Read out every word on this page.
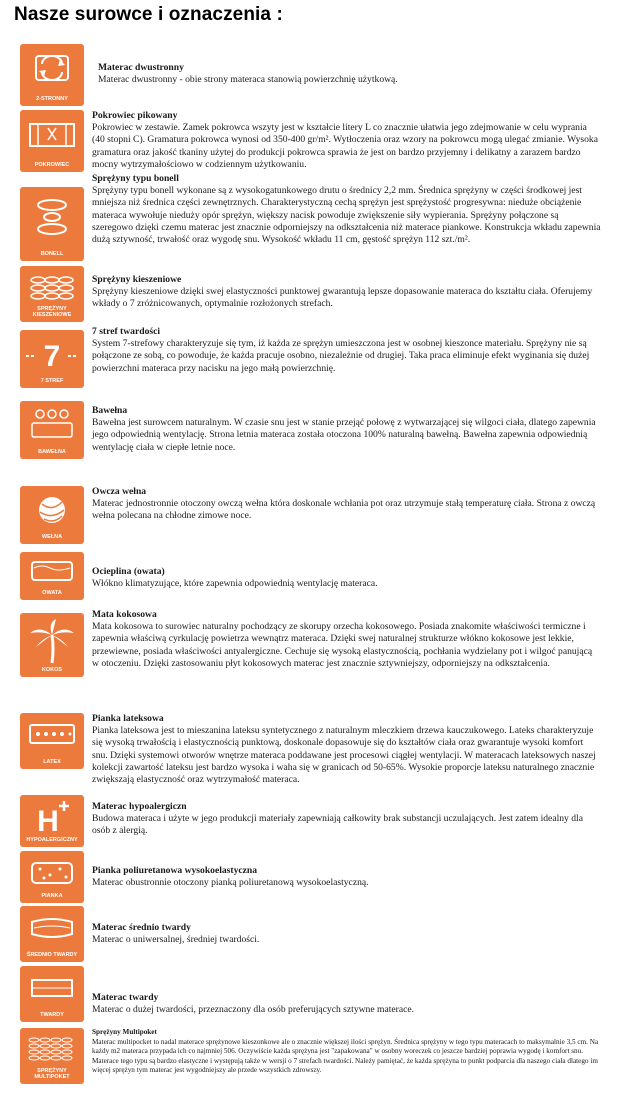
Nasze surowce i oznaczenia :
2-STRONNY
Materac dwustronny
Materac dwustronny - obie strony materaca stanowią powierzchnię użytkową.
POKROWIEC
Pokrowiec pikowany
Pokrowiec w zestawie. Zamek pokrowca wszyty jest w kształcie litery L co znacznie ułatwia jego zdejmowanie w celu wyprania (40 stopni C). Gramatura pokrowca wynosi od 350-400 gr/m². Wytłoczenia oraz wzory na pokrowcu mogą ulegać zmianie. Wysoka gramatura oraz jakość tkaniny użytej do produkcji pokrowca sprawia że jest on bardzo przyjemny i delikatny a zarazem bardzo mocny wytrzymałościowo w codziennym użytkowaniu.
BONELL
Sprężyny typu bonell
Sprężyny typu bonell wykonane są z wysokogatunkowego drutu o średnicy 2,2 mm. Średnica sprężyny w części środkowej jest mniejsza niż średnica części zewnętrznych. Charakterystyczną cechą sprężyn jest sprężystość progresywna: nieduże obciążenie materaca wywołuje nieduży opór sprężyn, większy nacisk powoduje zwiększenie siły wypierania. Sprężyny połączone są szeregowo dzięki czemu materac jest znacznie odporniejszy na odkształcenia niż materace piankowe. Konstrukcja wkładu zapewnia dużą sztywność, trwałość oraz wygodę snu. Wysokość wkładu 11 cm, gęstość sprężyn 112 szt./m².
SPRĘŻYNY KIESZENIOWE
Sprężyny kieszeniowe
Sprężyny kieszeniowe dzięki swej elastyczności punktowej gwarantują lepsze dopasowanie materaca do kształtu ciała. Oferujemy wkłady o 7 zróżnicowanych, optymalnie rozłożonych strefach.
7
7 STREF
7 stref twardości
System 7-strefowy charakteryzuje się tym, iż każda ze sprężyn umieszczona jest w osobnej kieszonce materiału. Sprężyny nie są połączone ze sobą, co powoduje, że każda pracuje osobno, niezależnie od drugiej. Taka praca eliminuje efekt wyginania się dużej powierzchni materaca przy nacisku na jego małą powierzchnię.
BAWEŁNA
Bawełna
Bawełna jest surowcem naturalnym. W czasie snu jest w stanie przejąć połowę z wytwarzającej się wilgoci ciała, dlatego zapewnia jego odpowiednią wentylację. Strona letnia materaca została otoczona 100% naturalną bawełną. Bawełna zapewnia odpowiednią wentylację ciała w ciepłe letnie noce.
WEŁNA
Owcza wełna
Materac jednostronnie otoczony owczą wełna która doskonale wchłania pot oraz utrzymuje stałą temperaturę ciała. Strona z owczą wełna polecana na chłodne zimowe noce.
OWATA
Ocieplina (owata)
Włókno klimatyzujące, które zapewnia odpowiednią wentylację materaca.
KOKOS
Mata kokosowa
Mata kokosowa to surowiec naturalny pochodzący ze skorupy orzecha kokosowego. Posiada znakomite właściwości termiczne i zapewnia właściwą cyrkulację powietrza wewnątrz materaca. Dzięki swej naturalnej strukturze włókno kokosowe jest lekkie, przewiewne, posiada właściwości antyalergiczne. Cechuje się wysoką elastycznością, pochłania wydzielany pot i wilgoć panującą w otoczeniu. Dzięki zastosowaniu płyt kokosowych materac jest znacznie sztywniejszy, odporniejszy na odkształcenia.
LATEX
Pianka lateksowa
Pianka lateksowa jest to mieszanina lateksu syntetycznego z naturalnym mleczkiem drzewa kauczukowego. Lateks charakteryzuje się wysoką trwałością i elastycznością punktową, doskonale dopasowuje się do kształtów ciała oraz gwarantuje wysoki komfort snu. Dzięki systemowi otworów wnętrze materaca poddawane jest procesowi ciągłej wentylacji. W materacach lateksowych naszej kolekcji zawartość lateksu jest bardzo wysoka i waha się w granicach od 50-65%. Wysokie proporcje lateksu naturalnego znacznie zwiększają elastyczność oraz wytrzymałość materaca.
H
HYPOALERGICZNY
Materac hypoalergiczn
Budowa materaca i użyte w jego produkcji materiały zapewniają całkowity brak substancji uczulających. Jest zatem idealny dla osób z alergią.
PIANKA
Pianka poliuretanowa wysokoelastyczna
Materac obustronnie otoczony pianką poliuretanową wysokoelastyczną.
ŚREDNIO TWARDY
Materac średnio twardy
Materac o uniwersalnej, średniej twardości.
TWARDY
Materac twardy
Materac o dużej twardości, przeznaczony dla osób preferujących sztywne materace.
SPRĘŻYNY MULTIPOKET
Sprężyny Multipoket
Materac multipocket to nadal materace sprężynowe kieszonkowe ale o znacznie większej ilości sprężyn. Średnica sprężyny w tego typu materacach to maksymalnie 3,5 cm. Na każdy m2 materaca przypada ich co najmniej 506. Oczywiście każda sprężyna jest "zapakowana" w osobny woreczek co jeszcze bardziej poprawia wygodę i komfort snu. Materace tego typu są bardzo elastyczne i występują także w wersji o 7 strefach twardości. Należy pamiętać, że każda sprężyna to punkt podparcia dla naszego ciała dlatego im więcej sprężyn tym materac jest wygodniejszy ale przede wszystkich zdrowszy.
